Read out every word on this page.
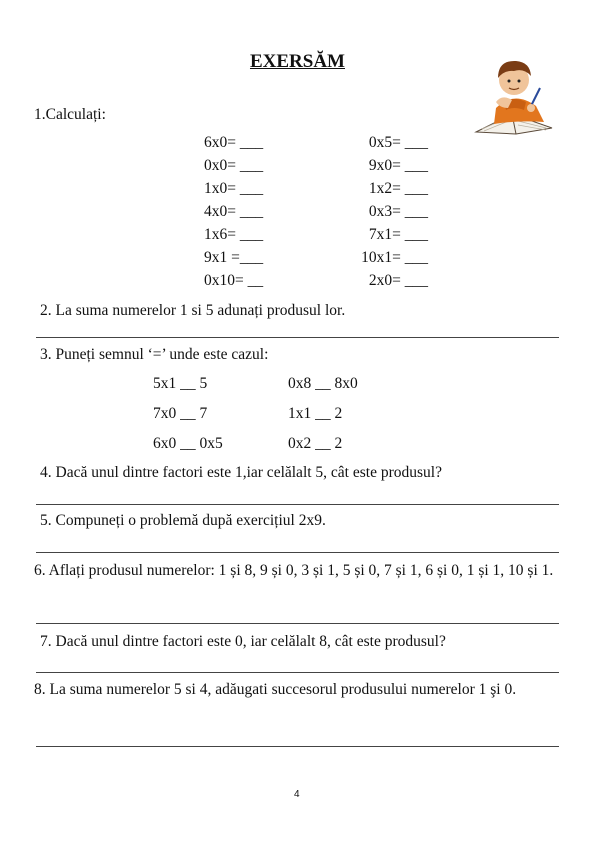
EXERSĂM
1.Calculați:
6x0= ___
0x0= ___
1x0= ___
4x0= ___
1x6= ___
9x1 =___
0x10= __
0x5= ___
9x0= ___
1x2= ___
0x3= ___
7x1= ___
10x1= ___
2x0= ___
2. La suma numerelor 1 si 5 adunați produsul lor.
3. Puneți semnul ‘=’ unde este cazul:
5x1 __ 5
7x0 __ 7
6x0 __ 0x5
0x8 __ 8x0
1x1 __ 2
0x2 __ 2
4. Dacă unul dintre factori este 1,iar celălalt 5, cât este produsul?
5. Compuneți o problemă după exercițiul 2x9.
6. Aflați produsul numerelor: 1 și 8, 9 și 0, 3 și 1, 5 și 0, 7 și 1, 6 și 0, 1 și 1, 10 și 1.
7. Dacă unul dintre factori este 0, iar celălalt 8, cât este produsul?
8. La suma numerelor 5 si 4, adăugati succesorul produsului numerelor 1 şi 0.
4
